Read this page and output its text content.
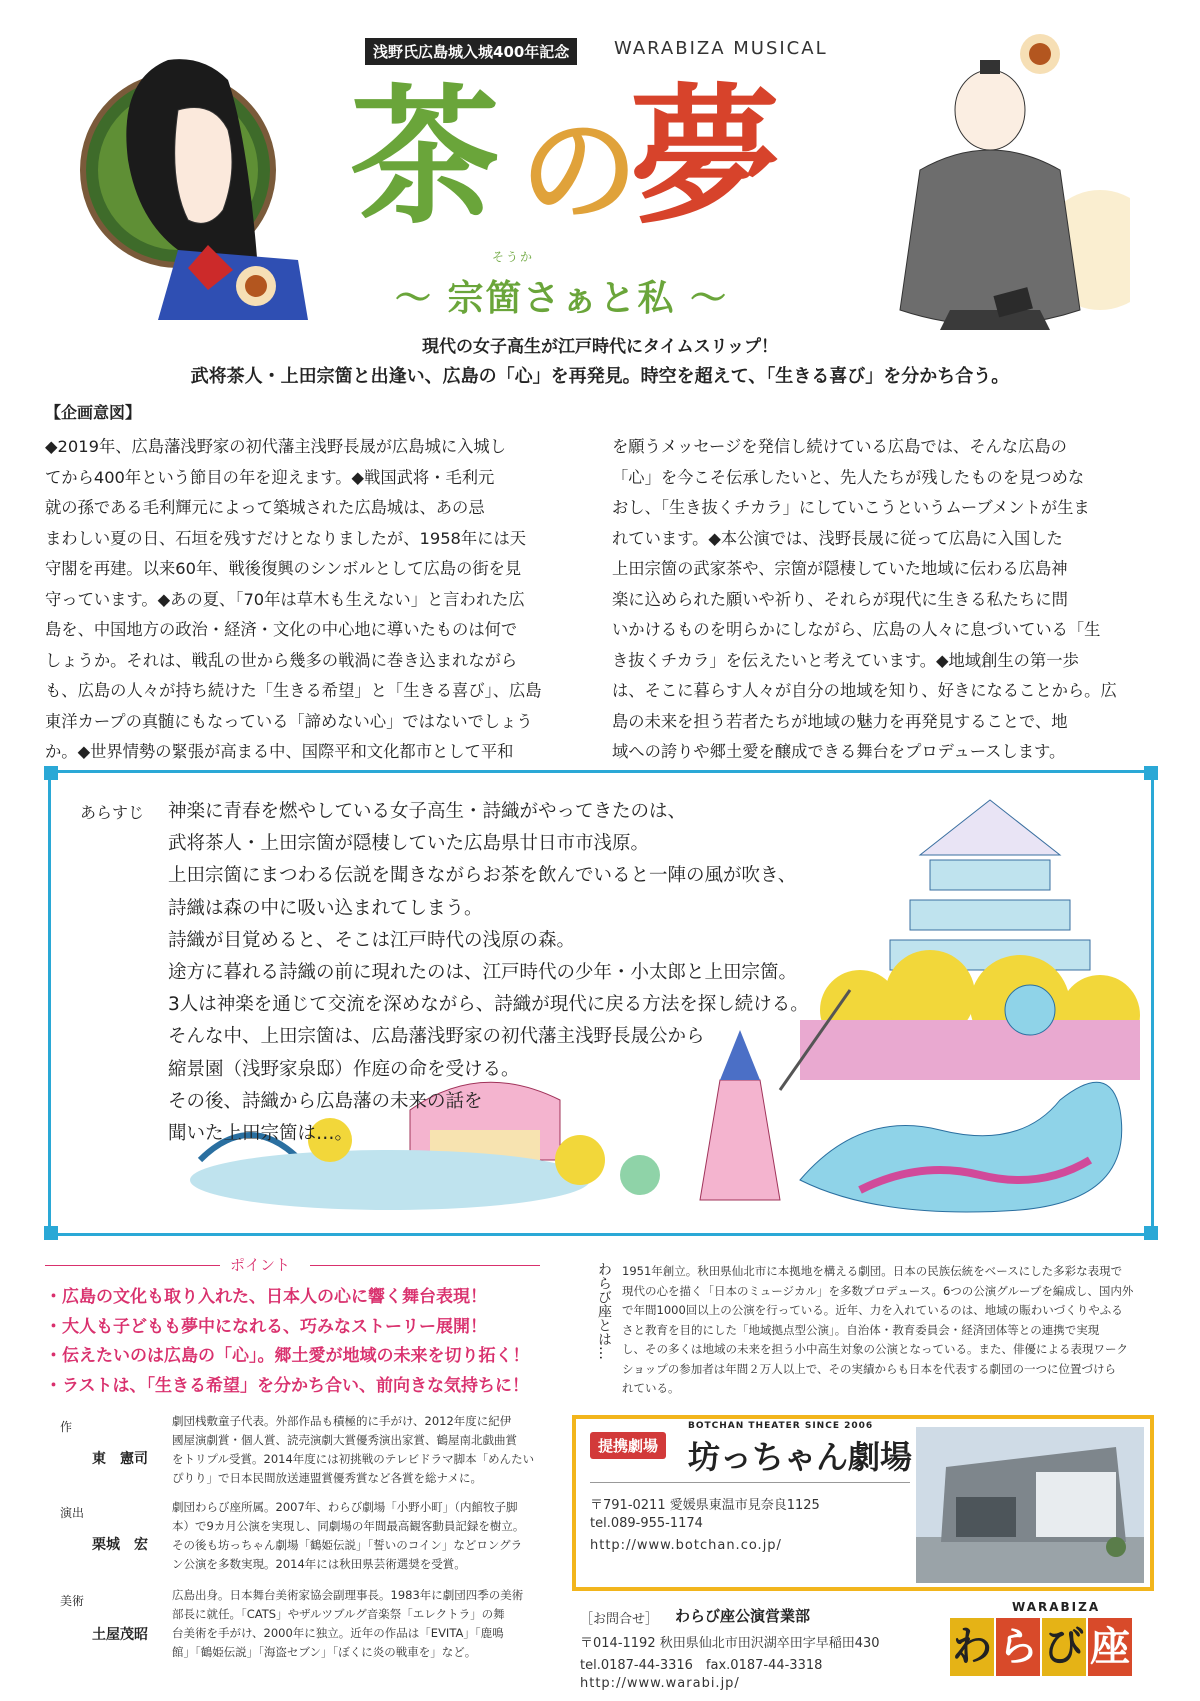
浅野氏広島城入城400年記念	WARABIZA MUSICAL
茶 の
夢
そうか
〜 宗箇さぁと私 〜
現代の女子高生が江戸時代にタイムスリップ！
武将茶人・上田宗箇と出逢い、広島の「心」を再発見。時空を超えて、「生きる喜び」を分かち合う。
【企画意図】
◆2019年、広島藩浅野家の初代藩主浅野長晟が広島城に入城し
てから400年という節目の年を迎えます。◆戦国武将・毛利元
就の孫である毛利輝元によって築城された広島城は、あの忌
まわしい夏の日、石垣を残すだけとなりましたが、1958年には天
守閣を再建。以来60年、戦後復興のシンボルとして広島の街を見
守っています。◆あの夏、「70年は草木も生えない」と言われた広
島を、中国地方の政治・経済・文化の中心地に導いたものは何で
しょうか。それは、戦乱の世から幾多の戦渦に巻き込まれながら
も、広島の人々が持ち続けた「生きる希望」と「生きる喜び」、広島
東洋カープの真髄にもなっている「諦めない心」ではないでしょう
か。◆世界情勢の緊張が高まる中、国際平和文化都市として平和
を願うメッセージを発信し続けている広島では、そんな広島の
「心」を今こそ伝承したいと、先人たちが残したものを見つめな
おし、「生き抜くチカラ」にしていこうというムーブメントが生ま
れています。◆本公演では、浅野長晟に従って広島に入国した
上田宗箇の武家茶や、宗箇が隠棲していた地域に伝わる広島神
楽に込められた願いや祈り、それらが現代に生きる私たちに問
いかけるものを明らかにしながら、広島の人々に息づいている「生
き抜くチカラ」を伝えたいと考えています。◆地域創生の第一歩
は、そこに暮らす人々が自分の地域を知り、好きになることから。広
島の未来を担う若者たちが地域の魅力を再発見することで、地
域への誇りや郷土愛を醸成できる舞台をプロデュースします。
あらすじ 神楽に青春を燃やしている女子高生・詩織がやってきたのは、
武将茶人・上田宗箇が隠棲していた広島県廿日市市浅原。
上田宗箇にまつわる伝説を聞きながらお茶を飲んでいると一陣の風が吹き、
詩織は森の中に吸い込まれてしまう。
詩織が目覚めると、そこは江戸時代の浅原の森。
途方に暮れる詩織の前に現れたのは、江戸時代の少年・小太郎と上田宗箇。
3人は神楽を通じて交流を深めながら、詩織が現代に戻る方法を探し続ける。
そんな中、上田宗箇は、広島藩浅野家の初代藩主浅野長晟公から
縮景園（浅野家泉邸）作庭の命を受ける。
その後、詩織から広島藩の未来の話を
聞いた上田宗箇は…。
ポイント
・広島の文化も取り入れた、日本人の心に響く舞台表現！
・大人も子どもも夢中になれる、巧みなストーリー展開！
・伝えたいのは広島の「心」。郷土愛が地域の未来を切り拓く！
・ラストは、「生きる希望」を分かち合い、前向きな気持ちに！
作
東　憲司
劇団桟敷童子代表。外部作品も積極的に手がけ、2012年度に紀伊
國屋演劇賞・個人賞、読売演劇大賞優秀演出家賞、鶴屋南北戯曲賞
をトリプル受賞。2014年度には初挑戦のテレビドラマ脚本「めんたい
ぴりり」で日本民間放送連盟賞優秀賞など各賞を総ナメに。
演出
栗城　宏
劇団わらび座所属。2007年、わらび劇場「小野小町」（内館牧子脚
本）で9カ月公演を実現し、同劇場の年間最高観客動員記録を樹立。
その後も坊っちゃん劇場「鶴姫伝説」「誓いのコイン」などロングラ
ン公演を多数実現。2014年には秋田県芸術選奨を受賞。
美術
土屋茂昭
広島出身。日本舞台美術家協会副理事長。1983年に劇団四季の美術
部長に就任。「CATS」やザルツブルグ音楽祭「エレクトラ」の舞
台美術を手がけ、2000年に独立。近年の作品は「EVITA」「鹿鳴
館」「鶴姫伝説」「海盗セブン」「ぼくに炎の戦車を」など。
わらび座とは… 1951年創立。秋田県仙北市に本拠地を構える劇団。日本の民族伝統をベースにした多彩な表現で
現代の心を描く「日本のミュージカル」を多数プロデュース。6つの公演グループを編成し、国内外
で年間1000回以上の公演を行っている。近年、力を入れているのは、地域の賑わいづくりやふる
さと教育を目的にした「地域拠点型公演」。自治体・教育委員会・経済団体等との連携で実現
し、その多くは地域の未来を担う小中高生対象の公演となっている。また、俳優による表現ワーク
ショップの参加者は年間２万人以上で、その実績からも日本を代表する劇団の一つに位置づけら
れている。
提携劇場
BOTCHAN THEATER SINCE 2006
坊っちゃん劇場
〒791-0211 愛媛県東温市見奈良1125
tel.089-955-1174
http://www.botchan.co.jp/
［お問合せ］ わらび座公演営業部
〒014-1192 秋田県仙北市田沢湖卒田字早稲田430
tel.0187-44-3316　fax.0187-44-3318
http://www.warabi.jp/
WARABIZA
わ ら び 座
